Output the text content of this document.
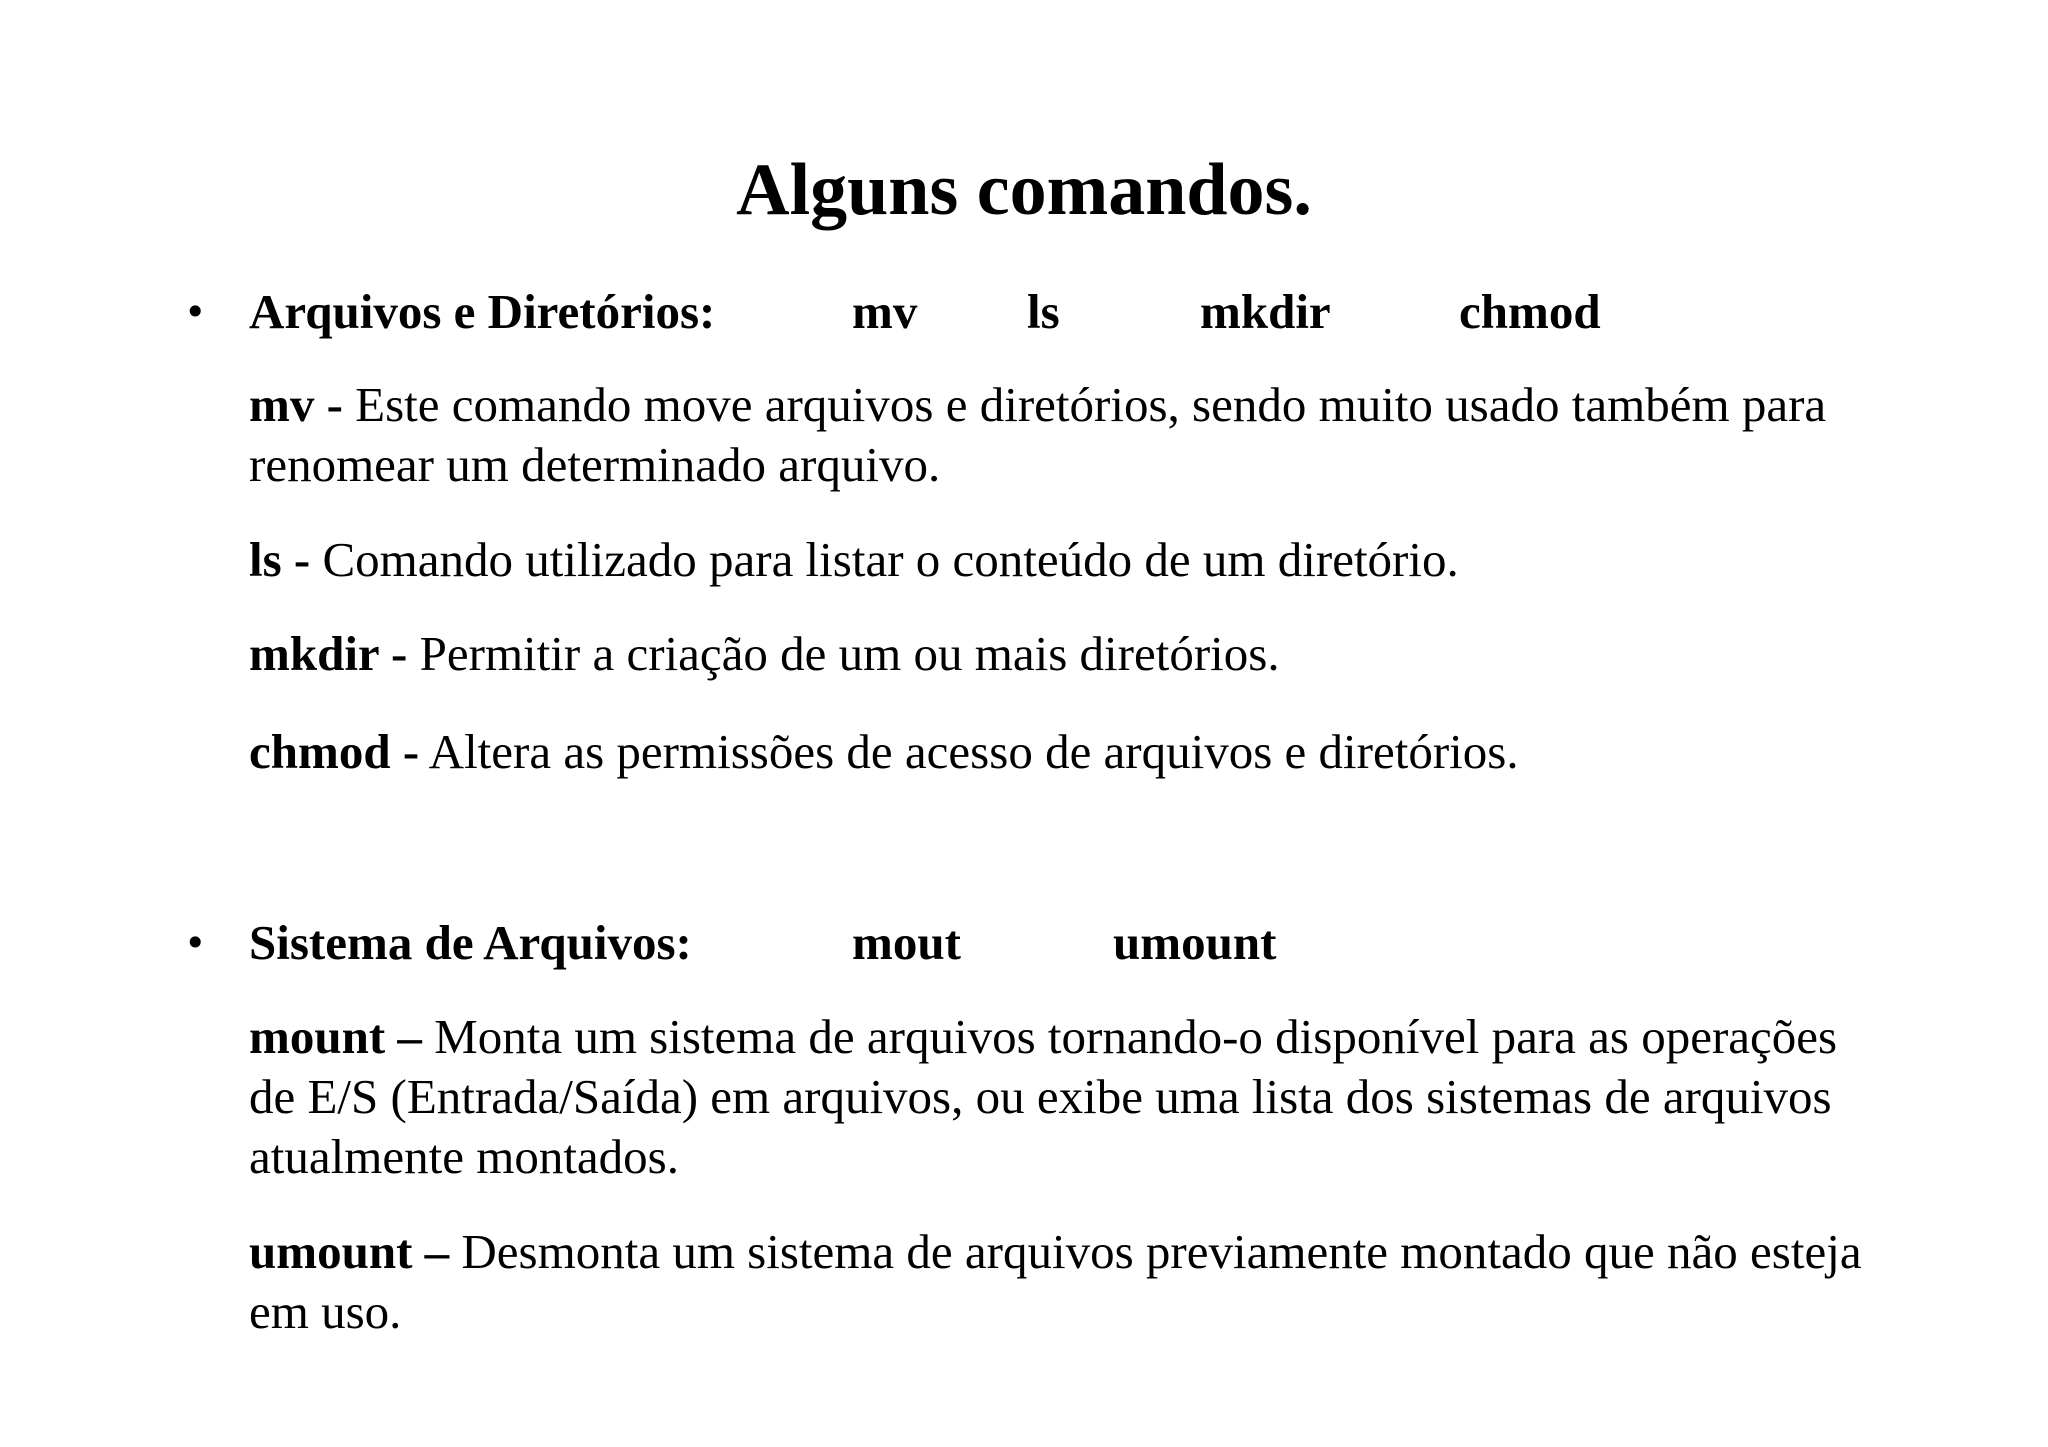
Alguns comandos.
• Arquivos e Diretórios:	mv ls	mkdir	chmod

mv - Este comando move arquivos e diretórios, sendo muito usado também para renomear um determinado arquivo.

ls - Comando utilizado para listar o conteúdo de um diretório.

mkdir - Permitir a criação de um ou mais diretórios.

chmod - Altera as permissões de acesso de arquivos e diretórios.

• Sistema de Arquivos:	mout	umount

mount – Monta um sistema de arquivos tornando-o disponível para as operações de E/S (Entrada/Saída) em arquivos, ou exibe uma lista dos sistemas de arquivos atualmente montados.

umount – Desmonta um sistema de arquivos previamente montado que não esteja em uso.
